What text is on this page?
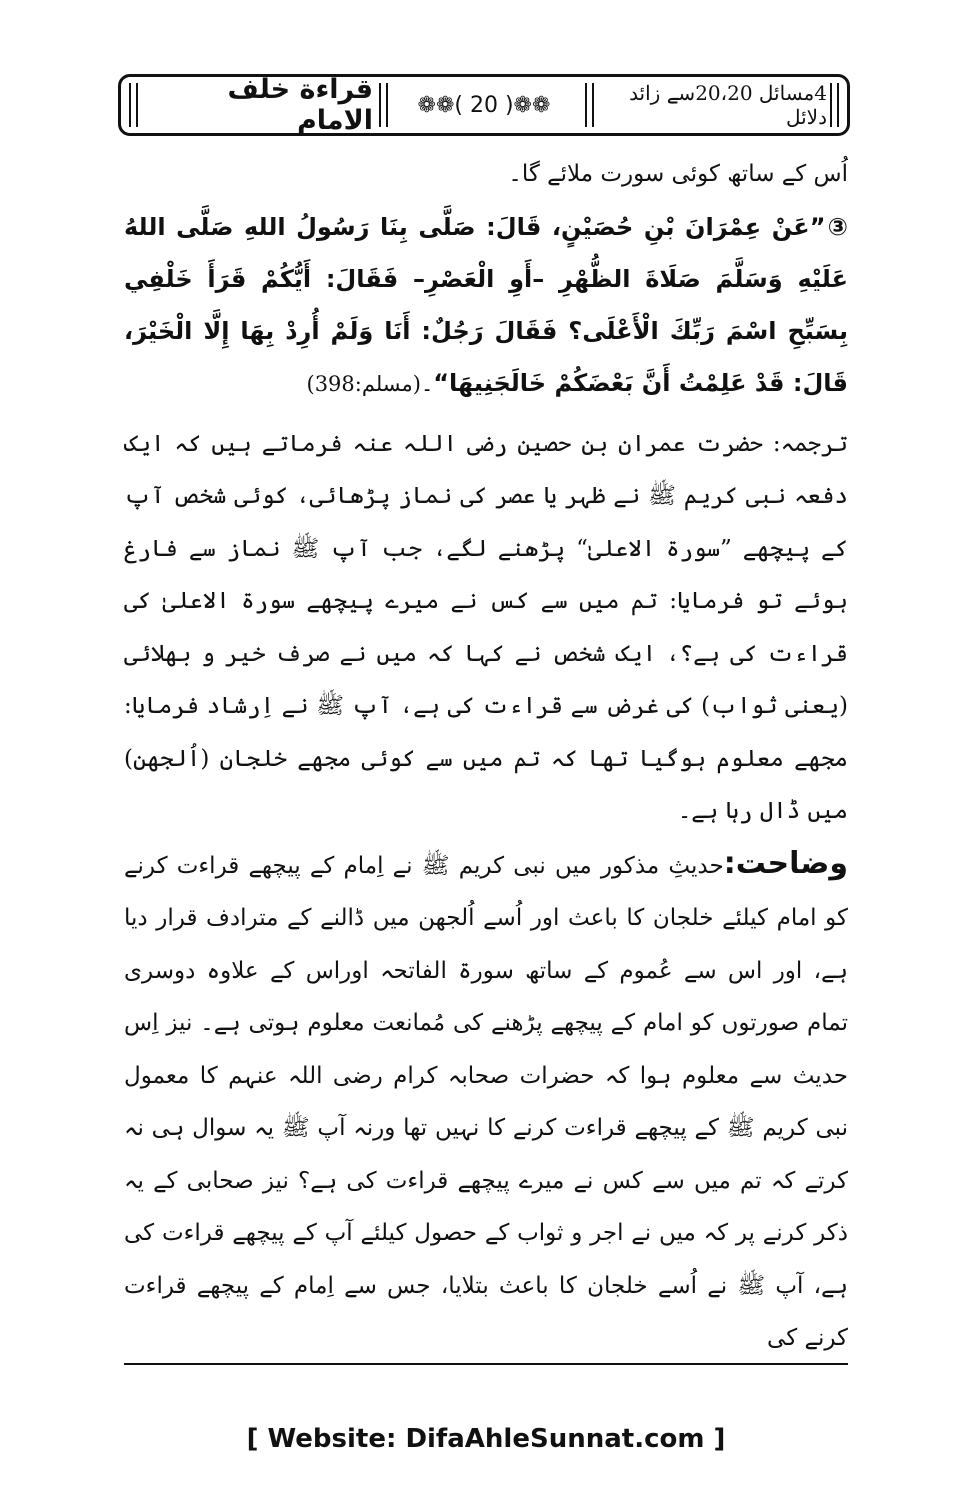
قراءة خلف الامام	❁❁( 20 )❁❁	4مسائل 20،20سے زائد دلائل

اُس کے ساتھ کوئی سورت ملائے گا۔

③”عَنْ عِمْرَانَ بْنِ حُصَيْنٍ، قَالَ: صَلَّى بِنَا رَسُولُ اللهِ صَلَّى اللهُ عَلَيْهِ وَسَلَّمَ صَلَاةَ الظُّهْرِ –أَوِ الْعَصْرِ– فَقَالَ: أَيُّكُمْ قَرَأَ خَلْفِي بِسَبِّحِ اسْمَ رَبِّكَ الْأَعْلَى؟ فَقَالَ رَجُلٌ: أَنَا وَلَمْ أُرِدْ بِهَا إِلَّا الْخَيْرَ، قَالَ: قَدْ عَلِمْتُ أَنَّ بَعْضَكُمْ خَالَجَنِيهَا“۔(مسلم:398)

ترجمہ: حضرت عمران بن حصین رضی اللہ عنہ فرماتے ہیں کہ ایک دفعہ نبی کریم ﷺ نے ظہر یا عصر کی نماز پڑھائی، کوئی شخص آپ کے پیچھے ”سورۃ الاعلیٰ“ پڑھنے لگے، جب آپ ﷺ نماز سے فارغ ہوئے تو فرمایا: تم میں سے کس نے میرے پیچھے سورۃ الاعلیٰ کی قراءت کی ہے؟، ایک شخص نے کہا کہ میں نے صرف خیر و بھلائی (یعنی ثواب) کی غرض سے قراءت کی ہے، آپ ﷺ نے اِرشاد فرمایا: مجھے معلوم ہوگیا تھا کہ تم میں سے کوئی مجھے خلجان (اُلجھن) میں ڈال رہا ہے۔

وضاحت:حدیثِ مذکور میں نبی کریم ﷺ نے اِمام کے پیچھے قراءت کرنے کو امام کیلئے خلجان کا باعث اور اُسے اُلجھن میں ڈالنے کے مترادف قرار دیا ہے، اور اس سے عُموم کے ساتھ سورۃ الفاتحہ اوراس کے علاوہ دوسری تمام صورتوں کو امام کے پیچھے پڑھنے کی مُمانعت معلوم ہوتی ہے۔ نیز اِس حدیث سے معلوم ہوا کہ حضرات صحابہ کرام رضی اللہ عنہم کا معمول نبی کریم ﷺ کے پیچھے قراءت کرنے کا نہیں تھا ورنہ آپ ﷺ یہ سوال ہی نہ کرتے کہ تم میں سے کس نے میرے پیچھے قراءت کی ہے؟ نیز صحابی کے یہ ذکر کرنے پر کہ میں نے اجر و ثواب کے حصول کیلئے آپ کے پیچھے قراءت کی ہے، آپ ﷺ نے اُسے خلجان کا باعث بتلایا، جس سے اِمام کے پیچھے قراءت کرنے کی

[ Website: DifaAhleSunnat.com ]
